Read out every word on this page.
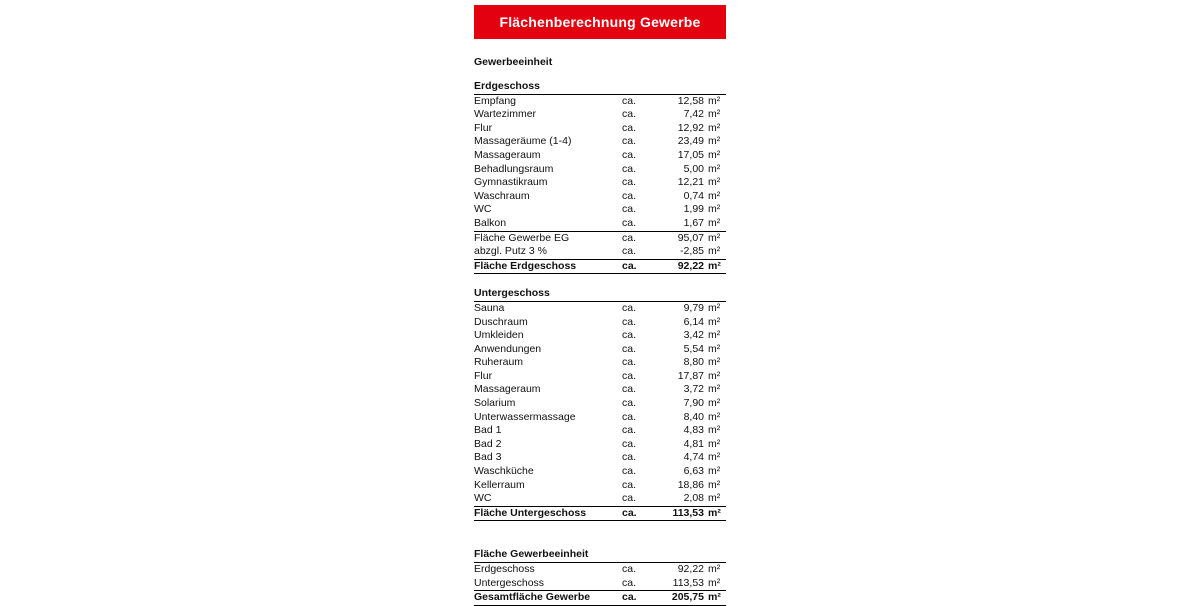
Flächenberechnung Gewerbe
Gewerbeeinheit
Erdgeschoss
Empfang	ca.	12,58 m²
Wartezimmer	ca.	7,42 m²
Flur	ca.	12,92 m²
Massageräume (1-4)	ca.	23,49 m²
Massageraum	ca.	17,05 m²
Behadlungsraum	ca.	5,00 m²
Gymnastikraum	ca.	12,21 m²
Waschraum	ca.	0,74 m²
WC	ca.	1,99 m²
Balkon	ca.	1,67 m²
Fläche Gewerbe EG	ca.	95,07 m²
abzgl. Putz 3 %	ca.	-2,85 m²
Fläche Erdgeschoss	ca.	92,22 m²
Untergeschoss
Sauna	ca.	9,79 m²
Duschraum	ca.	6,14 m²
Umkleiden	ca.	3,42 m²
Anwendungen	ca.	5,54 m²
Ruheraum	ca.	8,80 m²
Flur	ca.	17,87 m²
Massageraum	ca.	3,72 m²
Solarium	ca.	7,90 m²
Unterwassermassage	ca.	8,40 m²
Bad 1	ca.	4,83 m²
Bad 2	ca.	4,81 m²
Bad 3	ca.	4,74 m²
Waschküche	ca.	6,63 m²
Kellerraum	ca.	18,86 m²
WC	ca.	2,08 m²
Fläche Untergeschoss	ca.	113,53 m²
Fläche Gewerbeeinheit
Erdgeschoss	ca.	92,22 m²
Untergeschoss	ca.	113,53 m²
Gesamtfläche Gewerbe	ca.	205,75 m²
